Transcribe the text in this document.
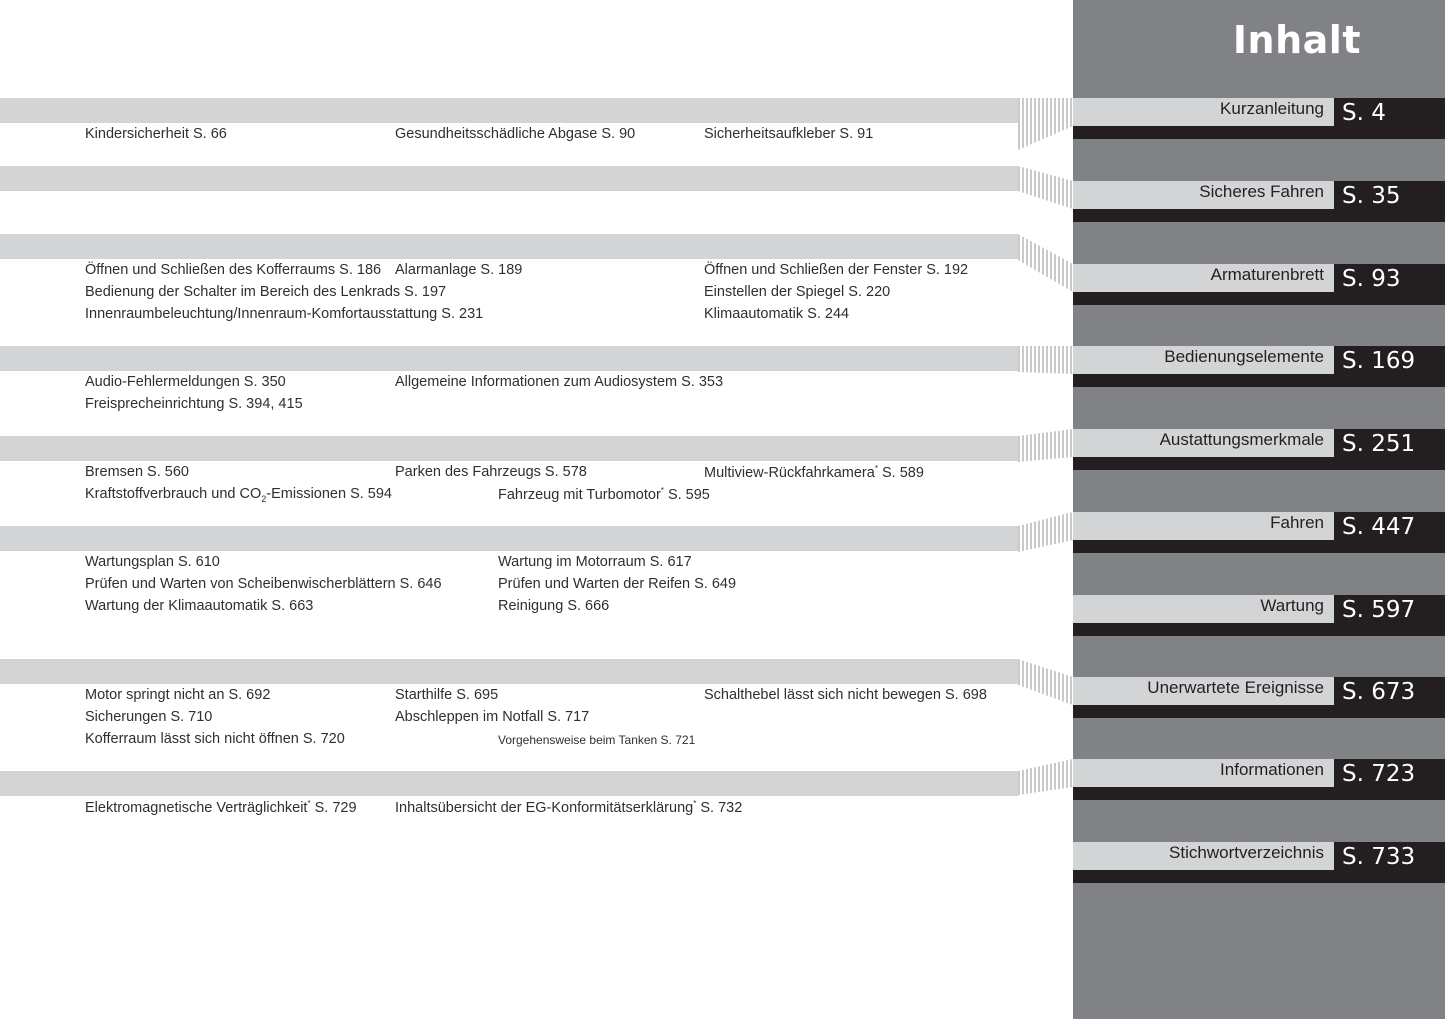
Inhalt
Kurzanleitung S. 4
Sicheres Fahren S. 35
Armaturenbrett S. 93
Bedienungselemente S. 169
Austattungsmerkmale S. 251
Fahren S. 447
Wartung S. 597
Unerwartete Ereignisse S. 673
Informationen S. 723
Stichwortverzeichnis S. 733
Kindersicherheit S. 66	Gesundheitsschädliche Abgase S. 90	Sicherheitsaufkleber S. 91
Öffnen und Schließen des Kofferraums S. 186 Alarmanlage S. 189	Öffnen und Schließen der Fenster S. 192
Bedienung der Schalter im Bereich des Lenkrads S. 197	Einstellen der Spiegel S. 220
Innenraumbeleuchtung/Innenraum-Komfortausstattung S. 231	Klimaautomatik S. 244
Audio-Fehlermeldungen S. 350	Allgemeine Informationen zum Audiosystem S. 353
Freisprecheinrichtung S. 394, 415
Bremsen S. 560	Parken des Fahrzeugs S. 578	Multiview-Rückfahrkamera* S. 589
Kraftstoffverbrauch und $CO_2$-Emissionen S. 594	Fahrzeug mit Turbomotor* S. 595
Wartungsplan S. 610	Wartung im Motorraum S. 617
Prüfen und Warten von Scheibenwischerblättern S. 646	Prüfen und Warten der Reifen S. 649
Wartung der Klimaautomatik S. 663	Reinigung S. 666
Motor springt nicht an S. 692	Starthilfe S. 695	Schalthebel lässt sich nicht bewegen S. 698
Sicherungen S. 710	Abschleppen im Notfall S. 717
Kofferraum lässt sich nicht öffnen S. 720	Vorgehensweise beim Tanken S. 721
Elektromagnetische Verträglichkeit* S. 729	Inhaltsübersicht der EG-Konformitätserklärung* S. 732
